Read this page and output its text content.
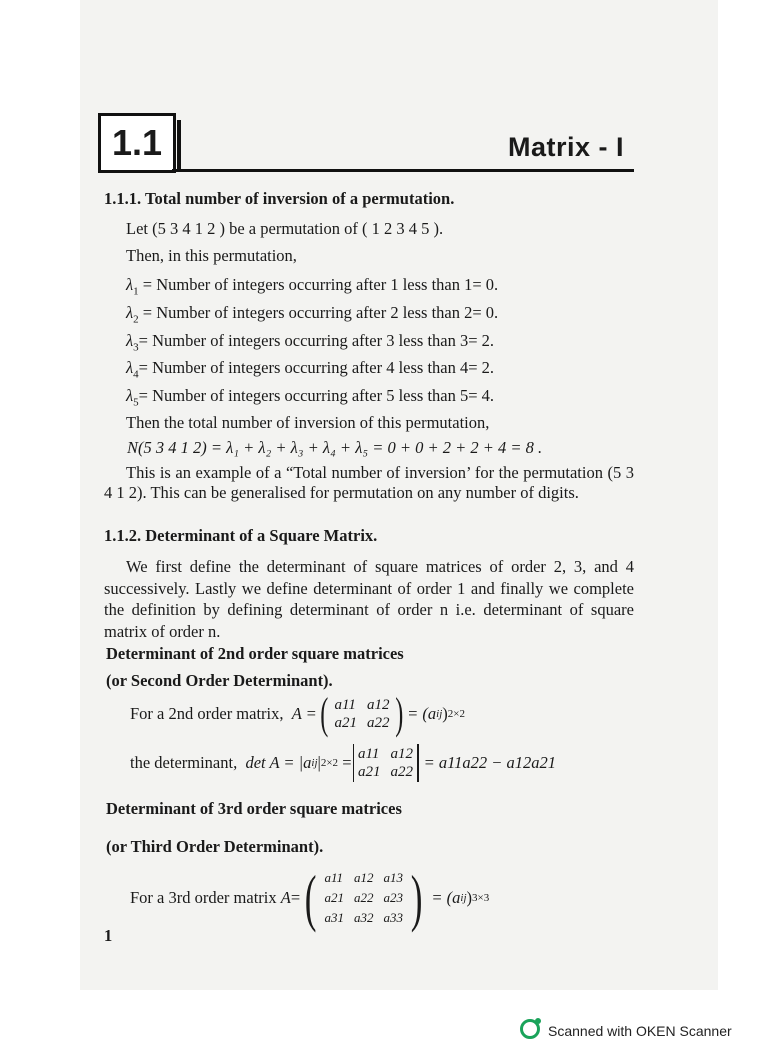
1.1	Matrix - I
1.1.1. Total number of inversion of a permutation.
Let (5 3 4 1 2 ) be a permutation of ( 1 2 3 4 5 ).
Then, in this permutation,
$\lambda_1$ = Number of integers occurring after 1 less than 1= 0.
$\lambda_2$ = Number of integers occurring after 2 less than 2= 0.
$\lambda_3=$ Number of integers occurring after 3 less than 3= 2.
$\lambda_4=$ Number of integers occurring after 4 less than 4= 2.
$\lambda_5=$ Number of integers occurring after 5 less than 5= 4.
Then the total number of inversion of this permutation,
N(5 3 4 1 2) = λ₁ + λ₂ + λ₃ + λ₄ + λ₅ = 0 + 0 + 2 + 2 + 4 = 8 .
This is an example of a “Total number of inversion’ for the permutation (5 3 4 1 2). This can be generalised for permutation on any number of digits.
1.1.2. Determinant of a Square Matrix.
We first define the determinant of square matrices of order 2, 3, and 4 successively. Lastly we define determinant of order 1 and finally we complete the definition by defining determinant of order n i.e. determinant of square matrix of order n.
Determinant of 2nd order square matrices
(or Second Order Determinant).
For a 2nd order matrix,
A = ( a11 a12
a21 a22 ) = (a ij ) 2×2
the determinant,
det A = |a ij | 2×2 = a11 a12
a21 a22
= a11a22 − a12a21
Determinant of 3rd order square matrices
(or Third Order Determinant).
For a 3rd order matrix
A = ( a11 a12 a13
a21 a22 a23
a31 a32 a33 )
= (a ij ) 3×3
1
Scanned with OKEN Scanner
